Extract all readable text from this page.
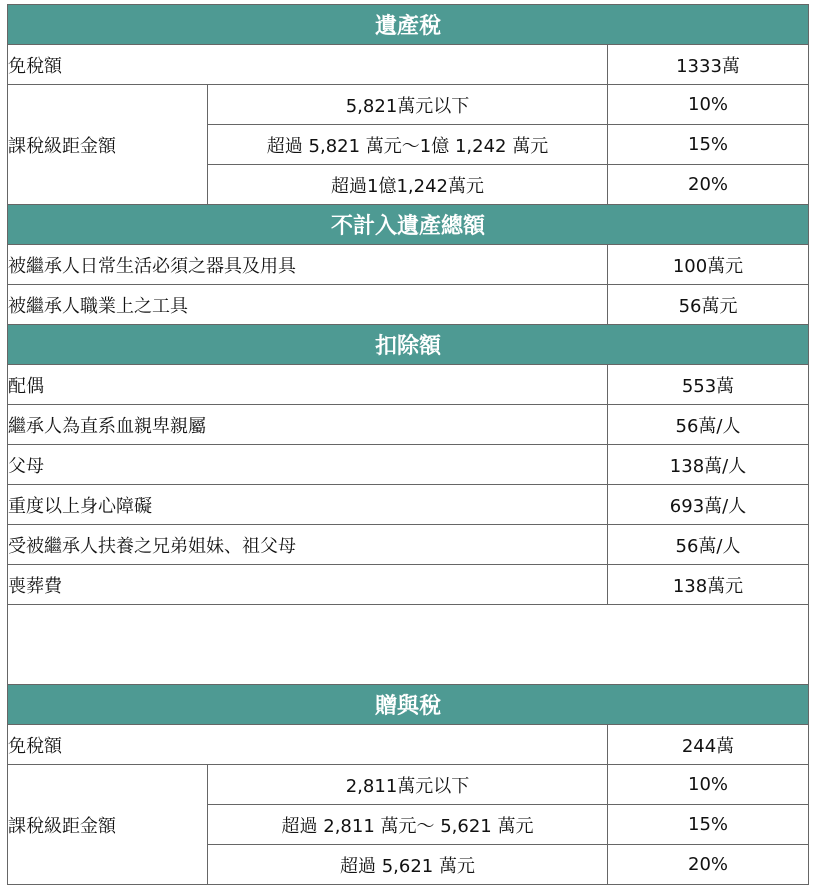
遺產稅		
免稅額		1333萬
課稅級距金額	5,821萬元以下	10%
	超過 5,821 萬元～1億 1,242 萬元	15%
	超過1億1,242萬元	20%
不計入遺產總額		
被繼承人日常生活必須之器具及用具		100萬元
被繼承人職業上之工具		56萬元
扣除額		
配偶		553萬
繼承人為直系血親卑親屬		56萬/人
父母		138萬/人
重度以上身心障礙		693萬/人
受被繼承人扶養之兄弟姐妹、祖父母		56萬/人
喪葬費		138萬元

贈與稅		
免稅額		244萬
課稅級距金額	2,811萬元以下	10%
	超過 2,811 萬元～ 5,621 萬元	15%
	超過 5,621 萬元	20%
